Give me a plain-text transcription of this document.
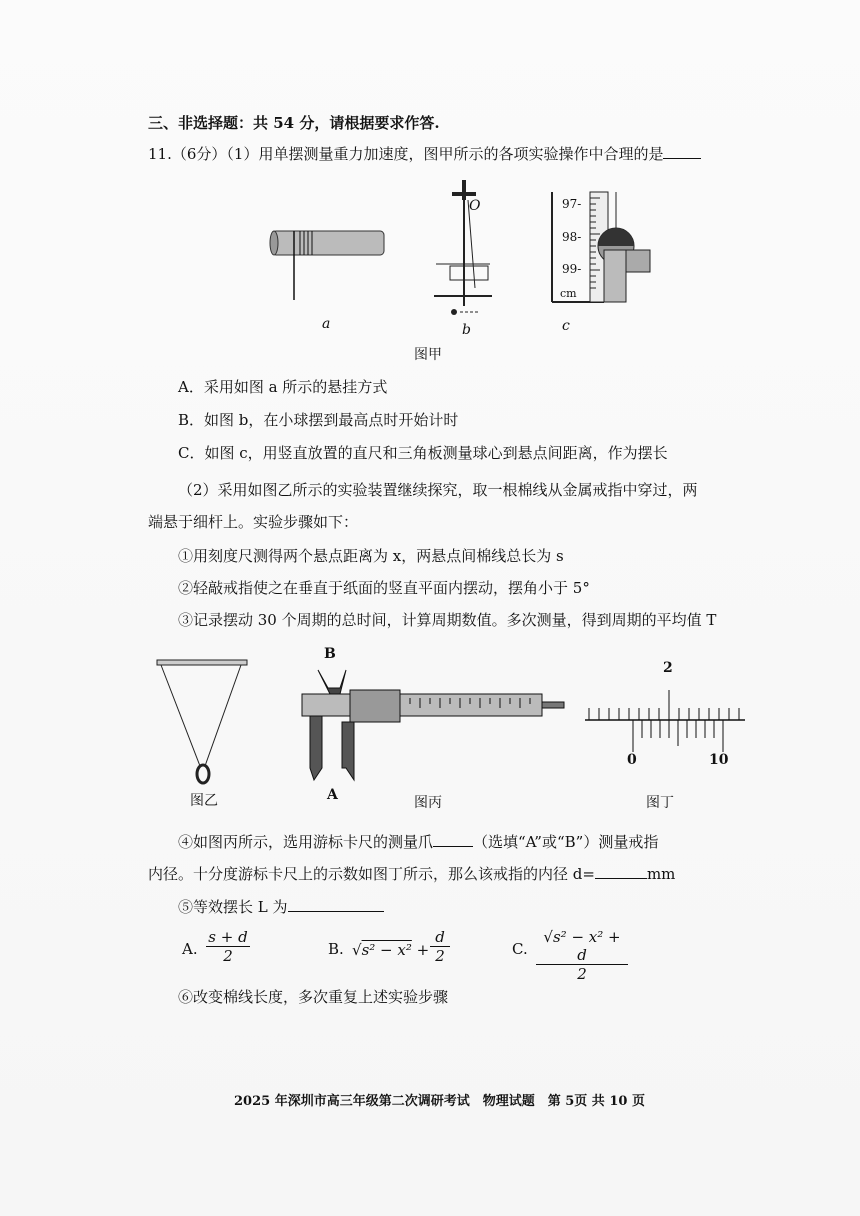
三、非选择题：共 54 分，请根据要求作答.
11.（6分）（1）用单摆测量重力加速度，图甲所示的各项实验操作中合理的是
a
O
b
97-
98-
99-
cm
c
图甲
A．采用如图 a 所示的悬挂方式
B．如图 b，在小球摆到最高点时开始计时
C．如图 c，用竖直放置的直尺和三角板测量球心到悬点间距离，作为摆长
（2）采用如图乙所示的实验装置继续探究，取一根棉线从金属戒指中穿过，两
端悬于细杆上。实验步骤如下：
①用刻度尺测得两个悬点距离为 x，两悬点间棉线总长为 s
②轻敲戒指使之在垂直于纸面的竖直平面内摆动，摆角小于 5°
③记录摆动 30 个周期的总时间，计算周期数值。多次测量，得到周期的平均值 T
图乙
B
A	图丙
2
0	10
图丁
④如图丙所示，选用游标卡尺的测量爪	（选填“A”或“B”）测量戒指
内径。十分度游标卡尺上的示数如图丁所示，那么该戒指的内径 d=	mm
⑤等效摆长 L 为
A. $\frac{s + d}{2}$	B. $√s^2 - x^2 + \frac{d}{2}$	C. $\frac{\text{√s² − x² + d}}{2}$
⑥改变棉线长度，多次重复上述实验步骤
2025 年深圳市高三年级第二次调研考试　物理试题　第 5页 共 10 页
